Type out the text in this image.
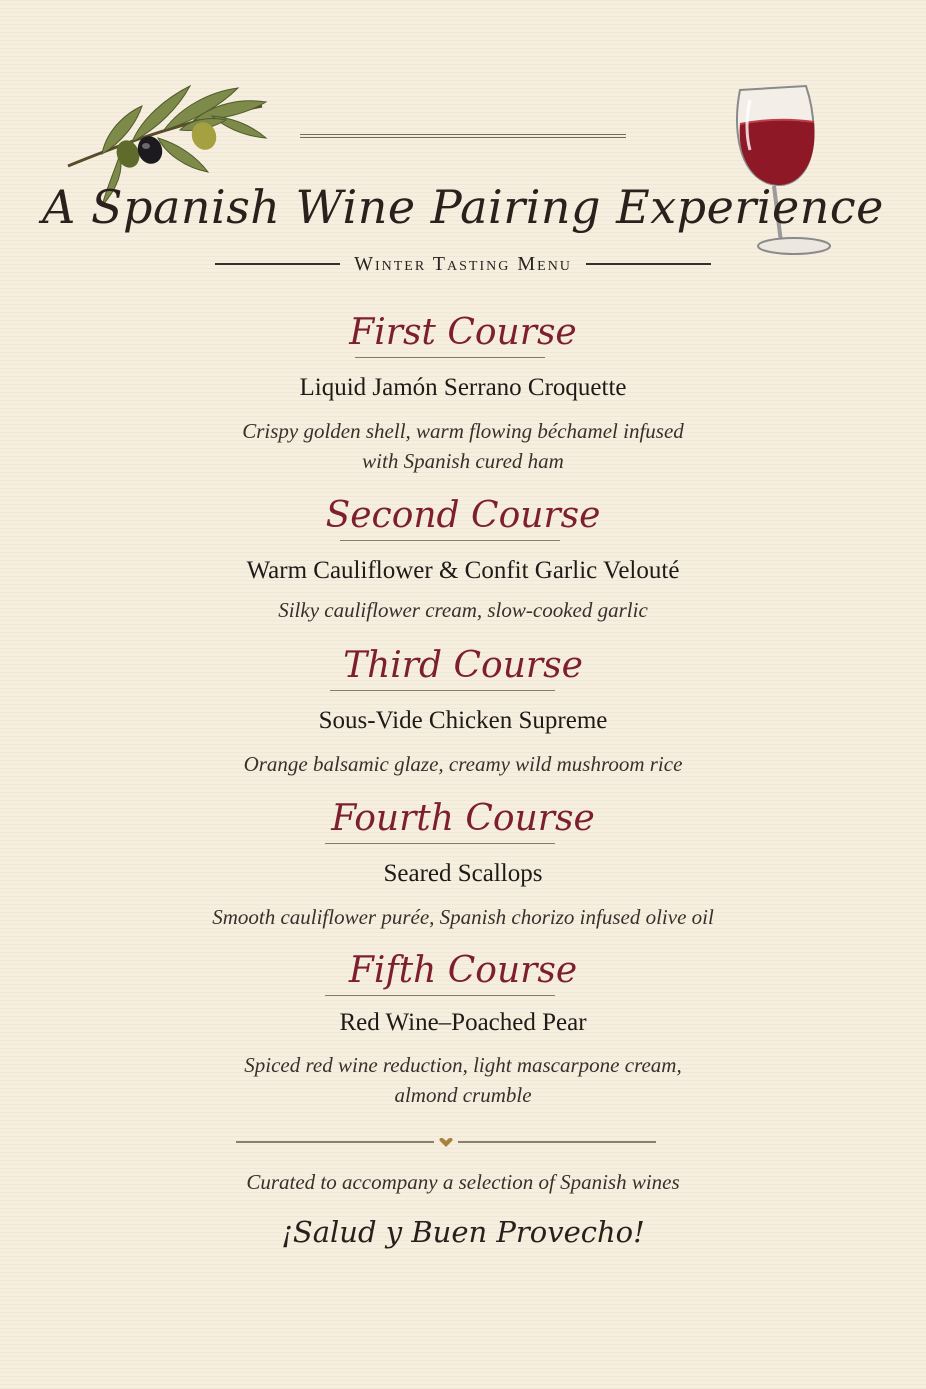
A Spanish Wine Pairing Experience
Winter Tasting Menu
First Course
Liquid Jamón Serrano Croquette
Crispy golden shell, warm flowing béchamel infused
with Spanish cured ham
Second Course
Warm Cauliflower & Confit Garlic Velouté
Silky cauliflower cream, slow-cooked garlic
Third Course
Sous-Vide Chicken Supreme
Orange balsamic glaze, creamy wild mushroom rice
Fourth Course
Seared Scallops
Smooth cauliflower purée, Spanish chorizo infused olive oil
Fifth Course
Red Wine–Poached Pear
Spiced red wine reduction, light mascarpone cream,
almond crumble
Curated to accompany a selection of Spanish wines
¡Salud y Buen Provecho!
